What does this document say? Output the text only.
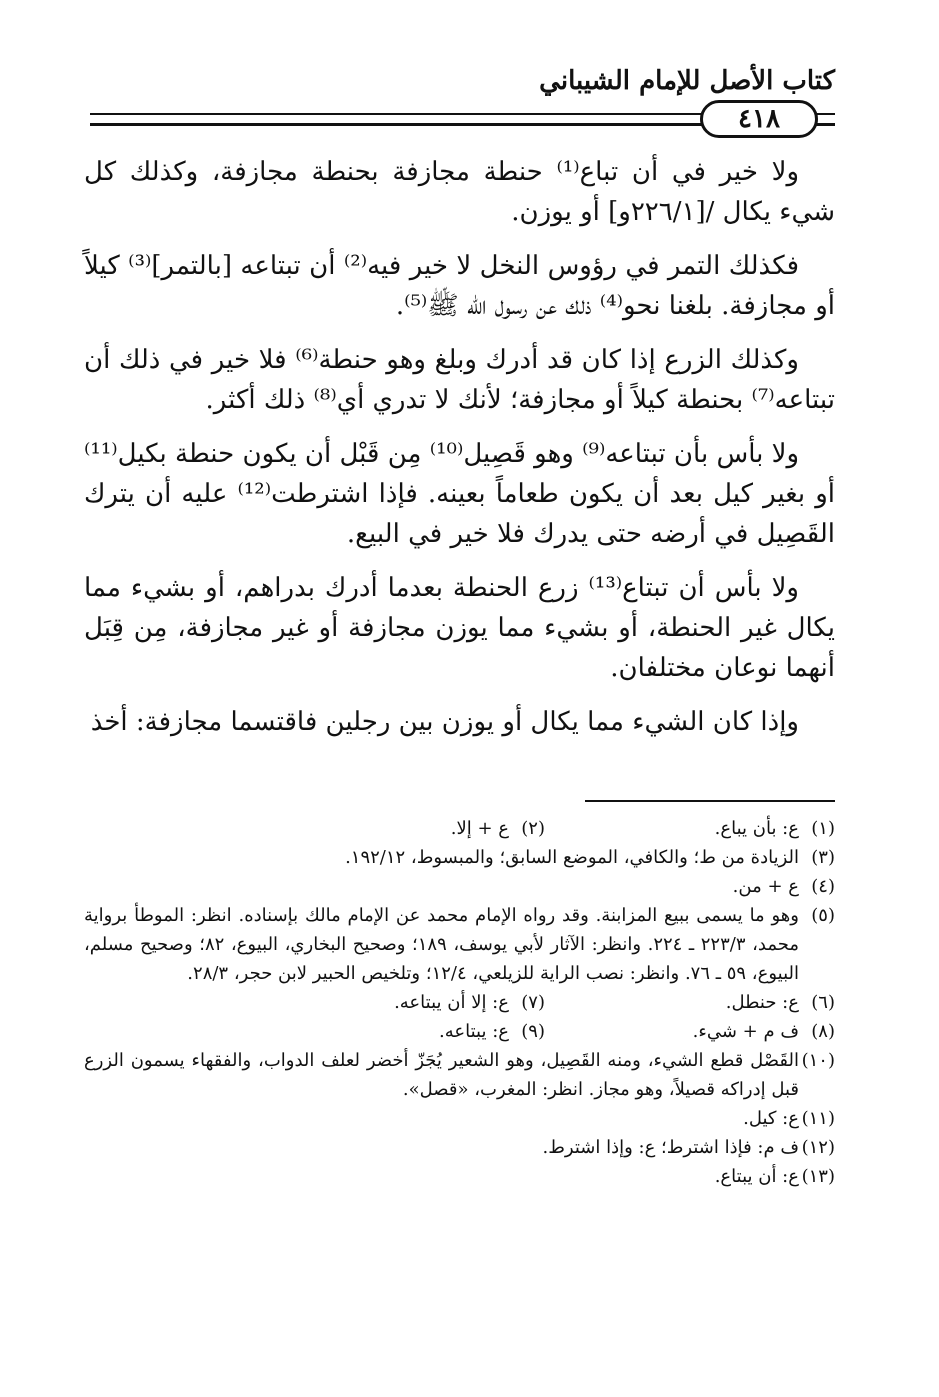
كتاب الأصل للإمام الشيباني
٤١٨

ولا خير في أن تباع⁽¹⁾ حنطة مجازفة بحنطة مجازفة، وكذلك كل شيء يكال /[٢٢٦/١و] أو يوزن.

فكذلك التمر في رؤوس النخل لا خير فيه⁽²⁾ أن تبتاعه [بالتمر]⁽³⁾ كيلاً أو مجازفة. بلغنا نحو⁽⁴⁾ ذلك عن رسول الله ﷺ⁽⁵⁾.

وكذلك الزرع إذا كان قد أدرك وبلغ وهو حنطة⁽⁶⁾ فلا خير في ذلك أن تبتاعه⁽⁷⁾ بحنطة كيلاً أو مجازفة؛ لأنك لا تدري أي⁽⁸⁾ ذلك أكثر.

ولا بأس بأن تبتاعه⁽⁹⁾ وهو قَصِيل⁽¹⁰⁾ مِن قَبْل أن يكون حنطة بكيل⁽¹¹⁾ أو بغير كيل بعد أن يكون طعاماً بعينه. فإذا اشترطت⁽¹²⁾ عليه أن يترك القَصِيل في أرضه حتى يدرك فلا خير في البيع.

ولا بأس أن تبتاع⁽¹³⁾ زرع الحنطة بعدما أدرك بدراهم، أو بشيء مما يكال غير الحنطة، أو بشيء مما يوزن مجازفة أو غير مجازفة، مِن قِبَل أنهما نوعان مختلفان.

وإذا كان الشيء مما يكال أو يوزن بين رجلين فاقتسما مجازفة: أخذ

(١)
ع: بأن يباع.
(٢)
ع + إلا.
(٣)
الزيادة من ط؛ والكافي، الموضع السابق؛ والمبسوط، ١٩٢/١٢.
(٤)
ع + من.
(٥)
وهو ما يسمى ببيع المزابنة. وقد رواه الإمام محمد عن الإمام مالك بإسناده. انظر: الموطأ برواية محمد، ٢٢٣/٣ ـ ٢٢٤. وانظر: الآثار لأبي يوسف، ١٨٩؛ وصحيح البخاري، البيوع، ٨٢؛ وصحيح مسلم، البيوع، ٥٩ ـ ٧٦. وانظر: نصب الراية للزيلعي، ١٢/٤؛ وتلخيص الحبير لابن حجر، ٢٨/٣.
(٦)
ع: حنطل.
(٧)
ع: إلا أن يبتاعه.
(٨)
ف م + شيء.
(٩)
ع: يبتاعه.
(١٠)
القَصْل قطع الشيء، ومنه القَصِيل، وهو الشعير يُجَزّ أخضر لعلف الدواب، والفقهاء يسمون الزرع قبل إدراكه قصيلاً، وهو مجاز. انظر: المغرب، «قصل».
(١١)
ع: كيل.
(١٢)
ف م: فإذا اشترط؛ ع: وإذا اشترط.
(١٣)
ع: أن يبتاع.
